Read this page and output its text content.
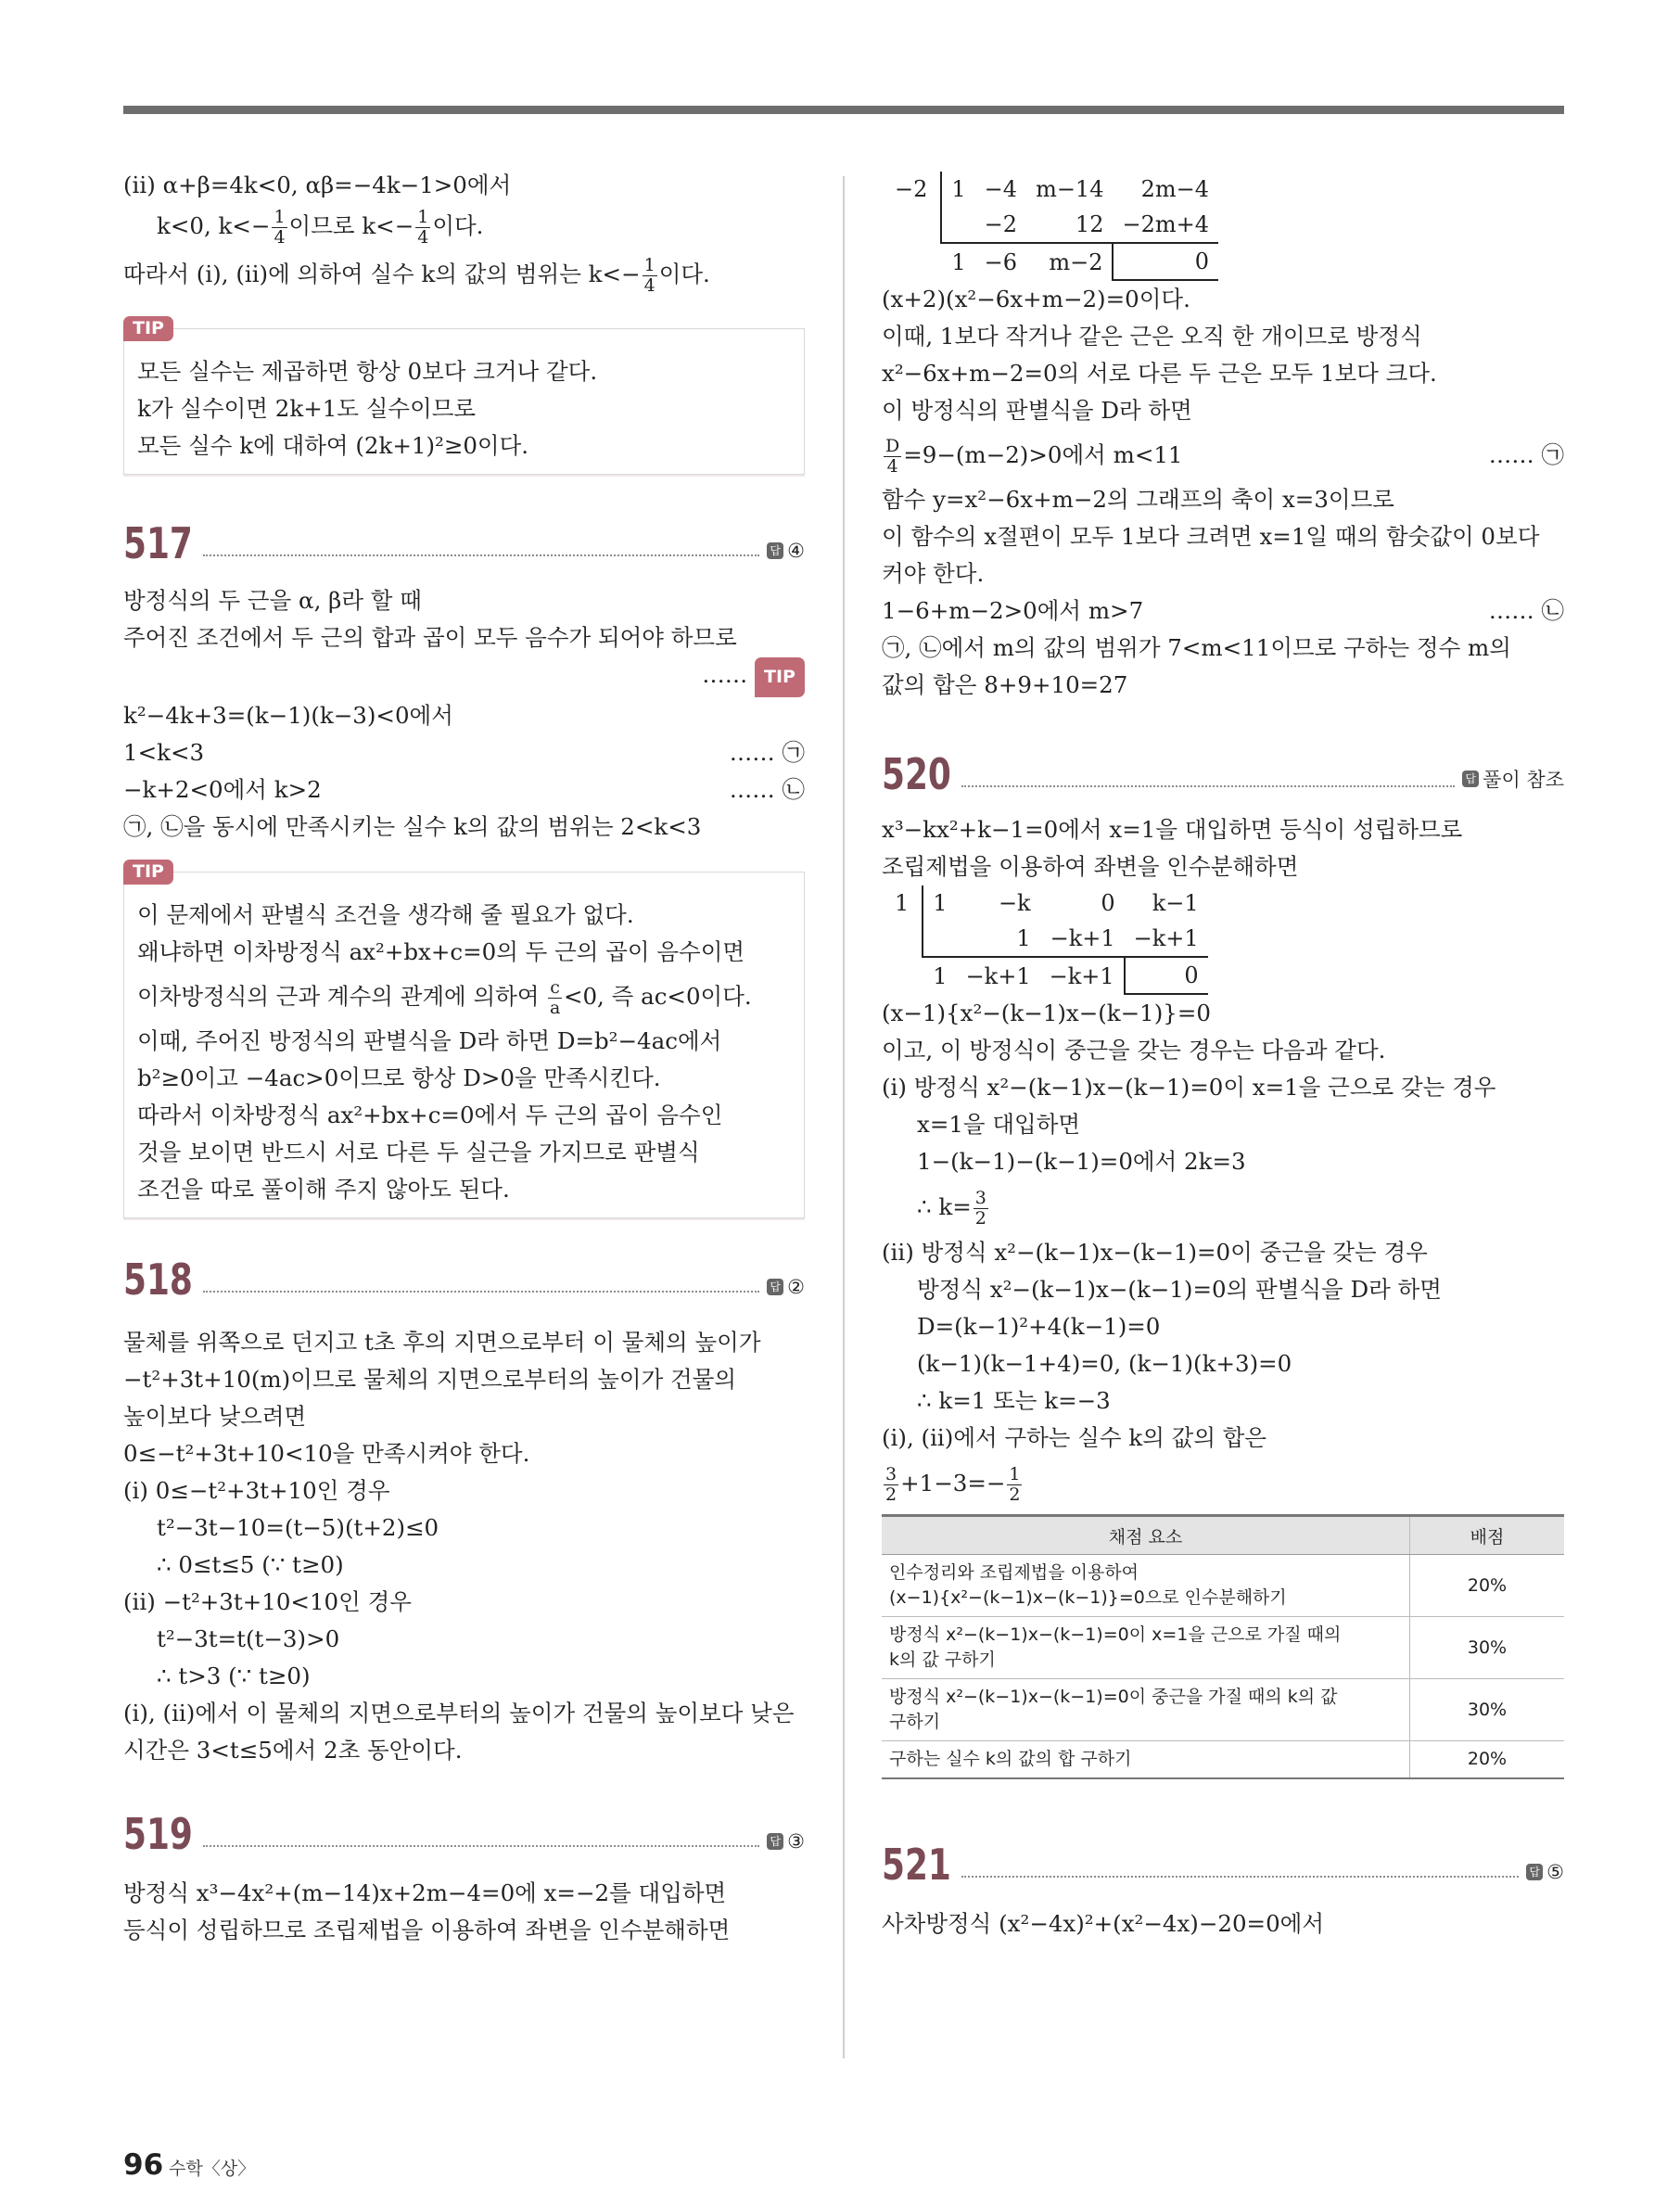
(ii) α+β=4k<0, αβ=−4k−1>0에서
k<0, $k<- \frac{1}{4}$ 이므로 $k<- \frac{1}{4}$ 이다.
따라서 (i), (ii)에 의하여 실수 k의 값의 범위는 $k<- \frac{1}{4}$ 이다.
TIP
모든 실수는 제곱하면 항상 0보다 크거나 같다.
k가 실수이면 2k+1도 실수이므로
모든 실수 k에 대하여 (2k+1)²≥0이다.
517	답 ④
방정식의 두 근을 α, β라 할 때
주어진 조건에서 두 근의 합과 곱이 모두 음수가 되어야 하므로
…… TIP
k²−4k+3=(k−1)(k−3)<0에서
1<k<3	…… ㉠
−k+2<0에서 k>2	…… ㉡
㉠, ㉡을 동시에 만족시키는 실수 k의 값의 범위는 2<k<3
TIP
이 문제에서 판별식 조건을 생각해 줄 필요가 없다.
왜냐하면 이차방정식 ax²+bx+c=0의 두 근의 곱이 음수이면
이차방정식의 근과 계수의 관계에 의하여 $\frac{c}{a} <0$, 즉 ac<0이다.
이때, 주어진 방정식의 판별식을 D라 하면 D=b²−4ac에서
b²≥0이고 −4ac>0이므로 항상 D>0을 만족시킨다.
따라서 이차방정식 ax²+bx+c=0에서 두 근의 곱이 음수인
것을 보이면 반드시 서로 다른 두 실근을 가지므로 판별식
조건을 따로 풀이해 주지 않아도 된다.
518	답 ②
물체를 위쪽으로 던지고 t초 후의 지면으로부터 이 물체의 높이가
−t²+3t+10(m)이므로 물체의 지면으로부터의 높이가 건물의
높이보다 낮으려면
0≤−t²+3t+10<10을 만족시켜야 한다.
(i) 0≤−t²+3t+10인 경우
t²−3t−10=(t−5)(t+2)≤0
∴ 0≤t≤5 (∵ t≥0)
(ii) −t²+3t+10<10인 경우
t²−3t=t(t−3)>0
∴ t>3 (∵ t≥0)
(i), (ii)에서 이 물체의 지면으로부터의 높이가 건물의 높이보다 낮은
시간은 3<t≤5에서 2초 동안이다.
519	답 ③
방정식 x³−4x²+(m−14)x+2m−4=0에 x=−2를 대입하면
등식이 성립하므로 조립제법을 이용하여 좌변을 인수분해하면
−2	1	−4	m−14	2m−4
		−2	12	−2m+4
	1	−6	m−2	0
(x+2)(x²−6x+m−2)=0이다.
이때, 1보다 작거나 같은 근은 오직 한 개이므로 방정식
x²−6x+m−2=0의 서로 다른 두 근은 모두 1보다 크다.
이 방정식의 판별식을 D라 하면
$\frac{D}{4} =9-(m-2)>0$에서 m<11	…… ㉠
함수 y=x²−6x+m−2의 그래프의 축이 x=3이므로
이 함수의 x절편이 모두 1보다 크려면 x=1일 때의 함숫값이 0보다
커야 한다.
1−6+m−2>0에서 m>7	…… ㉡
㉠, ㉡에서 m의 값의 범위가 7<m<11이므로 구하는 정수 m의
값의 합은 8+9+10=27
520	답 풀이 참조
x³−kx²+k−1=0에서 x=1을 대입하면 등식이 성립하므로
조립제법을 이용하여 좌변을 인수분해하면
1	1	−k	0	k−1
		1	−k+1	−k+1
	1	−k+1	−k+1	0
(x−1){x²−(k−1)x−(k−1)}=0
이고, 이 방정식이 중근을 갖는 경우는 다음과 같다.
(i) 방정식 x²−(k−1)x−(k−1)=0이 x=1을 근으로 갖는 경우
x=1을 대입하면
1−(k−1)−(k−1)=0에서 2k=3
∴ $k= \frac{3}{2}$
(ii) 방정식 x²−(k−1)x−(k−1)=0이 중근을 갖는 경우
방정식 x²−(k−1)x−(k−1)=0의 판별식을 D라 하면
D=(k−1)²+4(k−1)=0
(k−1)(k−1+4)=0, (k−1)(k+3)=0
∴ k=1 또는 k=−3
(i), (ii)에서 구하는 실수 k의 값의 합은
$\frac{3}{2} +1-3=- \frac{1}{2}$
채점 요소	배점

인수정리와 조립제법을 이용하여
(x−1){x²−(k−1)x−(k−1)}=0으로 인수분해하기	20%

방정식 x²−(k−1)x−(k−1)=0이 x=1을 근으로 가질 때의
k의 값 구하기	30%

방정식 x²−(k−1)x−(k−1)=0이 중근을 가질 때의 k의 값
구하기	30%

구하는 실수 k의 값의 합 구하기	20%
521	답 ⑤
사차방정식 (x²−4x)²+(x²−4x)−20=0에서
96 수학〈상〉
